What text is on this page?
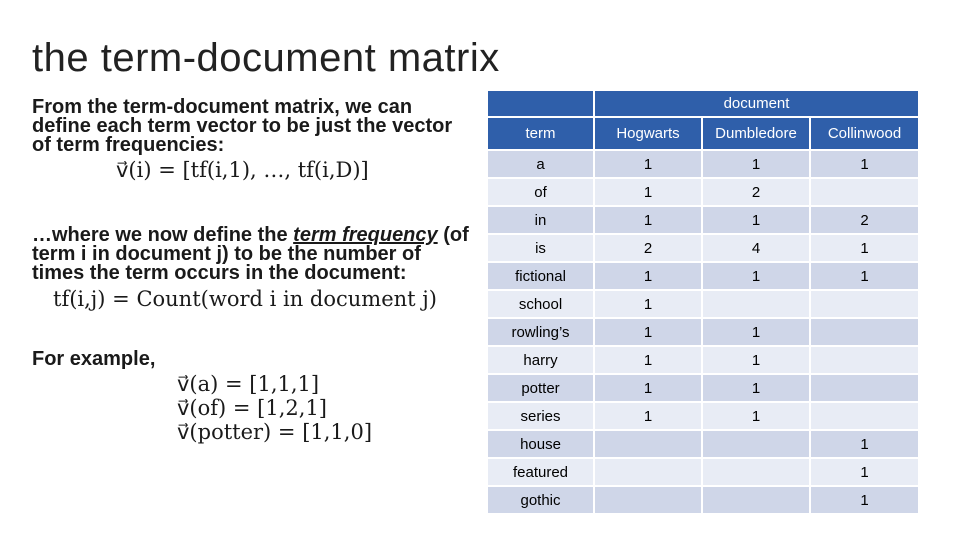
the term-document matrix

From the term-document matrix, we can define each term vector to be just the vector of term frequencies:

v⃗(i) = [tf(i,1), …, tf(i,D)]

…where we now define the term frequency (of term i in document j) to be the number of times the term occurs in the document:

tf(i,j) = Count(word i in document j)

For example,

v⃗(a) = [1,1,1]
v⃗(of) = [1,2,1]
v⃗(potter) = [1,1,0]
	document		
term	Hogwarts	Dumbledore	Collinwood
a	1	1	1
of	1	2	
in	1	1	2
is	2	4	1
fictional	1	1	1
school	1		
rowling’s	1	1	
harry	1	1	
potter	1	1	
series	1	1	
house			1
featured			1
gothic			1
